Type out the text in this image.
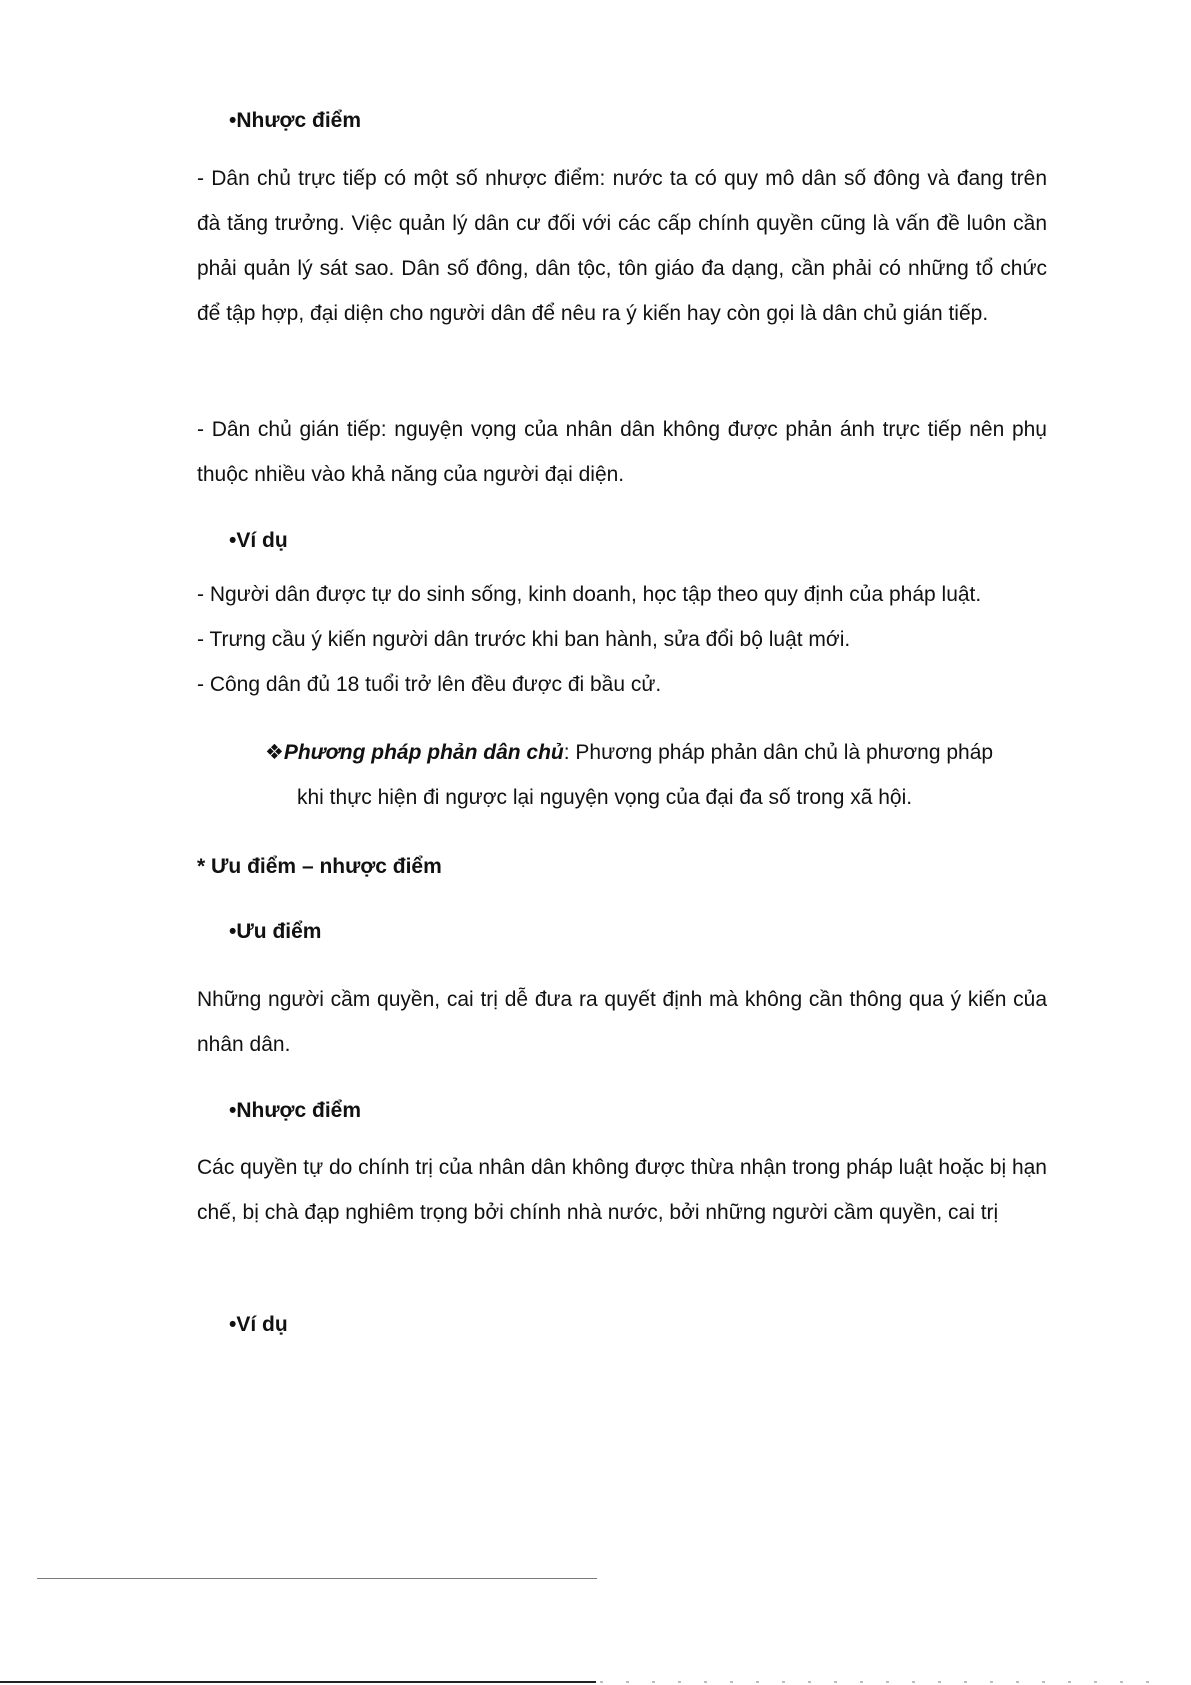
•Nhược điểm

- Dân chủ trực tiếp có một số nhược điểm: nước ta có quy mô dân số đông và đang trên đà tăng trưởng. Việc quản lý dân cư đối với các cấp chính quyền cũng là vấn đề luôn cần phải quản lý sát sao. Dân số đông, dân tộc, tôn giáo đa dạng, cần phải có những tổ chức để tập hợp, đại diện cho người dân để nêu ra ý kiến hay còn gọi là dân chủ gián tiếp.

- Dân chủ gián tiếp: nguyện vọng của nhân dân không được phản ánh trực tiếp nên phụ thuộc nhiều vào khả năng của người đại diện.

•Ví dụ

- Người dân được tự do sinh sống, kinh doanh, học tập theo quy định của pháp luật.

- Trưng cầu ý kiến người dân trước khi ban hành, sửa đổi bộ luật mới.

- Công dân đủ 18 tuổi trở lên đều được đi bầu cử.

❖Phương pháp phản dân chủ: Phương pháp phản dân chủ là phương pháp
khi thực hiện đi ngược lại nguyện vọng của đại đa số trong xã hội.

* Ưu điểm – nhược điểm

•Ưu điểm

Những người cầm quyền, cai trị dễ đưa ra quyết định mà không cần thông qua ý kiến của nhân dân.

•Nhược điểm

Các quyền tự do chính trị của nhân dân không được thừa nhận trong pháp luật hoặc bị hạn chế, bị chà đạp nghiêm trọng bởi chính nhà nước, bởi những người cầm quyền, cai trị

•Ví dụ
